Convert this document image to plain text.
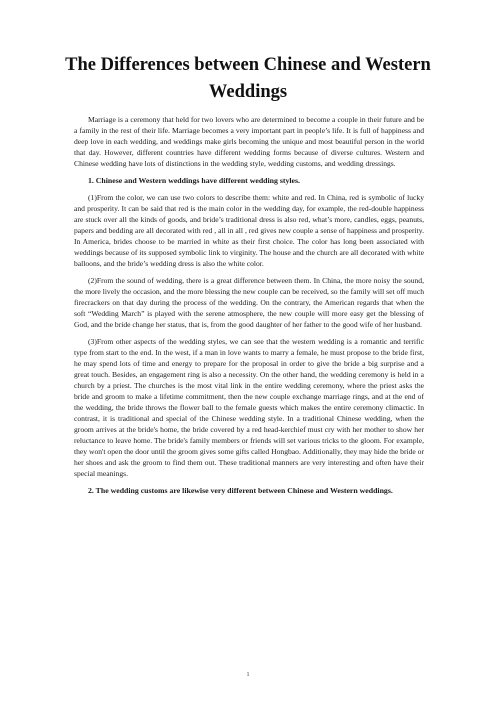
The Differences between Chinese and Western Weddings

Marriage is a ceremony that held for two lovers who are determined to become a couple in their future and be a family in the rest of their life. Marriage becomes a very important part in people’s life. It is full of happiness and deep love in each wedding, and weddings make girls becoming the unique and most beautiful person in the world that day. However, different countries have different wedding forms because of diverse cultures. Western and Chinese wedding have lots of distinctions in the wedding style, wedding customs, and wedding dressings.

1. Chinese and Western weddings have different wedding styles.

(1)From the color, we can use two colors to describe them: white and red. In China, red is symbolic of lucky and prosperity. It can be said that red is the main color in the wedding day, for example, the red-double happiness are stuck over all the kinds of goods, and bride’s traditional dress is also red, what’s more, candles, eggs, peanuts, papers and bedding are all decorated with red , all in all , red gives new couple a sense of happiness and prosperity. In America, brides choose to be married in white as their first choice. The color has long been associated with weddings because of its supposed symbolic link to virginity. The house and the church are all decorated with white balloons, and the bride’s wedding dress is also the white color.

(2)From the sound of wedding, there is a great difference between them. In China, the more noisy the sound, the more lively the occasion, and the more blessing the new couple can be received, so the family will set off much firecrackers on that day during the process of the wedding. On the contrary, the American regards that when the soft “Wedding March” is played with the serene atmosphere, the new couple will more easy get the blessing of God, and the bride change her status, that is, from the good daughter of her father to the good wife of her husband.

(3)From other aspects of the wedding styles, we can see that the western wedding is a romantic and terrific type from start to the end. In the west, if a man in love wants to marry a female, he must propose to the bride first, he may spend lots of time and energy to prepare for the proposal in order to give the bride a big surprise and a great touch. Besides, an engagement ring is also a necessity. On the other hand, the wedding ceremony is held in a church by a priest. The churches is the most vital link in the entire wedding ceremony, where the priest asks the bride and groom to make a lifetime commitment, then the new couple exchange marriage rings, and at the end of the wedding, the bride throws the flower ball to the female guests which makes the entire ceremony climactic. In contrast, it is traditional and special of the Chinese wedding style. In a traditional Chinese wedding, when the groom arrives at the bride's home, the bride covered by a red head-kerchief must cry with her mother to show her reluctance to leave home. The bride's family members or friends will set various tricks to the gloom. For example, they won't open the door until the groom gives some gifts called Hongbao. Additionally, they may hide the bride or her shoes and ask the groom to find them out. These traditional manners are very interesting and often have their special meanings.

2. The wedding customs are likewise very different between Chinese and Western weddings.
1
